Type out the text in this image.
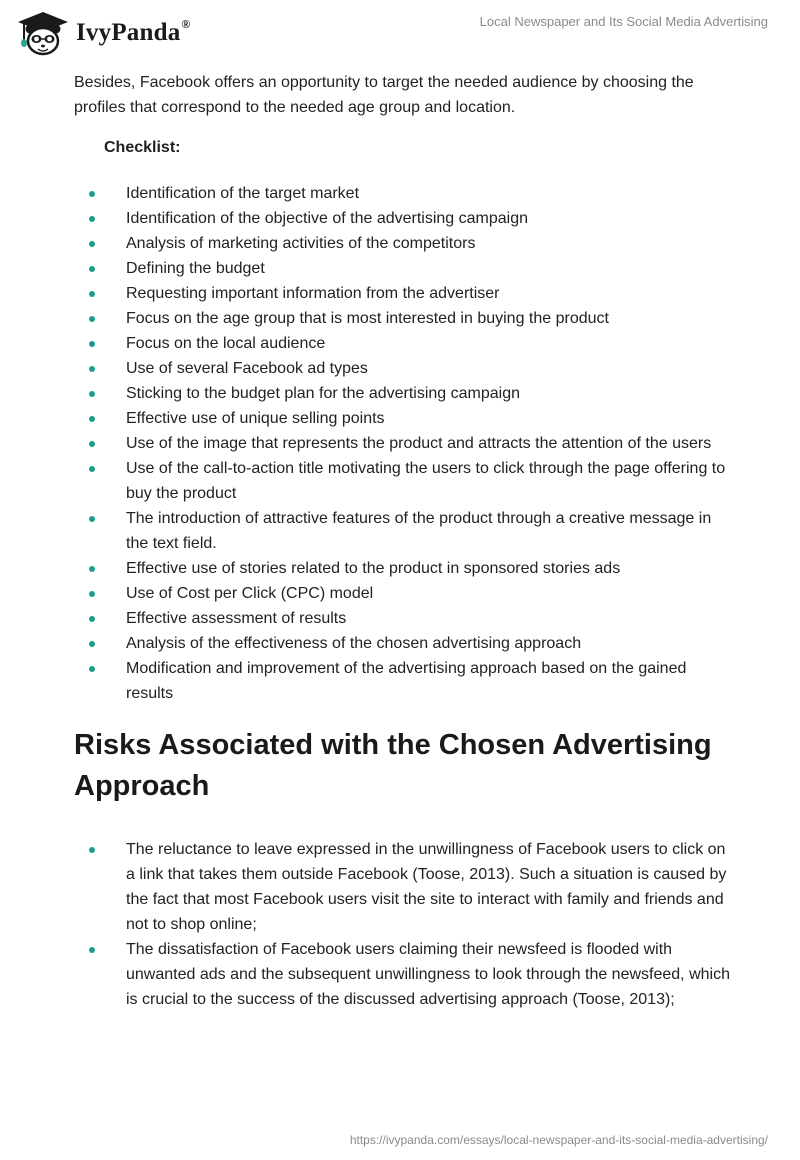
IvyPanda®	Local Newspaper and Its Social Media Advertising

Besides, Facebook offers an opportunity to target the needed audience by choosing the profiles that correspond to the needed age group and location.

Checklist:
Identification of the target market
Identification of the objective of the advertising campaign
Analysis of marketing activities of the competitors
Defining the budget
Requesting important information from the advertiser
Focus on the age group that is most interested in buying the product
Focus on the local audience
Use of several Facebook ad types
Sticking to the budget plan for the advertising campaign
Effective use of unique selling points
Use of the image that represents the product and attracts the attention of the users
Use of the call-to-action title motivating the users to click through the page offering to buy the product
The introduction of attractive features of the product through a creative message in the text field.
Effective use of stories related to the product in sponsored stories ads
Use of Cost per Click (CPC) model
Effective assessment of results
Analysis of the effectiveness of the chosen advertising approach
Modification and improvement of the advertising approach based on the gained results
Risks Associated with the Chosen Advertising Approach
The reluctance to leave expressed in the unwillingness of Facebook users to click on a link that takes them outside Facebook (Toose, 2013). Such a situation is caused by the fact that most Facebook users visit the site to interact with family and friends and not to shop online;
The dissatisfaction of Facebook users claiming their newsfeed is flooded with unwanted ads and the subsequent unwillingness to look through the newsfeed, which is crucial to the success of the discussed advertising approach (Toose, 2013);
https://ivypanda.com/essays/local-newspaper-and-its-social-media-advertising/
